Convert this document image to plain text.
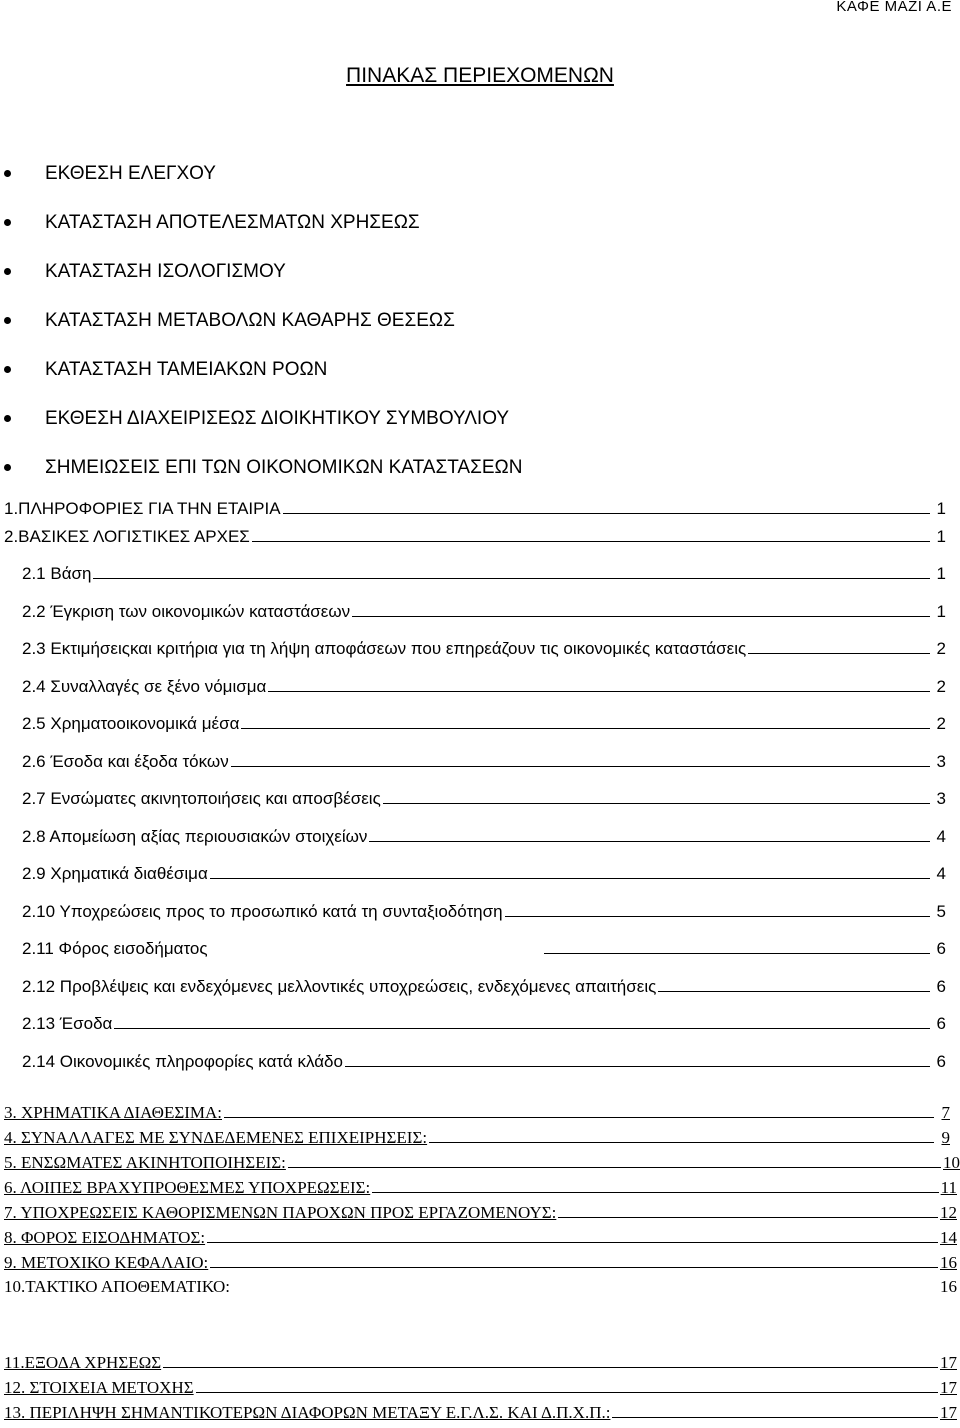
ΚΑΦΕ ΜΑΖΙ Α.Ε
ΠΙΝΑΚΑΣ ΠΕΡΙΕΧΟΜΕΝΩΝ
ΕΚΘΕΣΗ ΕΛΕΓΧΟΥ
ΚΑΤΑΣΤΑΣΗ ΑΠΟΤΕΛΕΣΜΑΤΩΝ ΧΡΗΣΕΩΣ
ΚΑΤΑΣΤΑΣΗ ΙΣΟΛΟΓΙΣΜΟΥ
ΚΑΤΑΣΤΑΣΗ ΜΕΤΑΒΟΛΩΝ ΚΑΘΑΡΗΣ ΘΕΣΕΩΣ
ΚΑΤΑΣΤΑΣΗ ΤΑΜΕΙΑΚΩΝ ΡΟΩΝ
ΕΚΘΕΣΗ ΔΙΑΧΕΙΡΙΣΕΩΣ ΔΙΟΙΚΗΤΙΚΟΥ ΣΥΜΒΟΥΛΙΟΥ
ΣΗΜΕΙΩΣΕΙΣ ΕΠΙ ΤΩΝ ΟΙΚΟΝΟΜΙΚΩΝ ΚΑΤΑΣΤΑΣΕΩΝ
1.ΠΛΗΡΟΦΟΡΙΕΣ ΓΙΑ ΤΗΝ ΕΤΑΙΡΙΑ	1
2.ΒΑΣΙΚΕΣ ΛΟΓΙΣΤΙΚΕΣ ΑΡΧΕΣ	1
2.1 Βάση	1
2.2 Έγκριση των οικονομικών καταστάσεων	1
2.3 Εκτιμήσειςκαι κριτήρια για τη λήψη αποφάσεων που επηρεάζουν τις οικονομικές καταστάσεις	2
2.4 Συναλλαγές σε ξένο νόμισμα	2
2.5 Χρηματοοικονομικά μέσα	2
2.6 Έσοδα και έξοδα τόκων	3
2.7 Ενσώματες ακινητοποιήσεις και αποσβέσεις	3
2.8 Απομείωση αξίας περιουσιακών στοιχείων	4
2.9 Χρηματικά διαθέσιμα	4
2.10 Υποχρεώσεις προς το προσωπικό κατά τη συνταξιοδότηση	5
2.11 Φόρος εισοδήματος	6
2.12 Προβλέψεις και ενδεχόμενες μελλοντικές υποχρεώσεις, ενδεχόμενες απαιτήσεις	6
2.13 Έσοδα	6
2.14 Οικονομικές πληροφορίες κατά κλάδο	6
3. ΧΡΗΜΑΤΙΚΑ ΔΙΑΘΕΣΙΜΑ:	7
4. ΣΥΝΑΛΛΑΓΕΣ ΜΕ ΣΥΝΔΕΔΕΜΕΝΕΣ ΕΠΙΧΕΙΡΗΣΕΙΣ:	9
5. ΕΝΣΩΜΑΤΕΣ ΑΚΙΝΗΤΟΠΟΙΗΣΕΙΣ:	10
6. ΛΟΙΠΕΣ ΒΡΑΧΥΠΡΟΘΕΣΜΕΣ ΥΠΟΧΡΕΩΣΕΙΣ:	11
7. ΥΠΟΧΡΕΩΣΕΙΣ ΚΑΘΟΡΙΣΜΕΝΩΝ ΠΑΡΟΧΩΝ ΠΡΟΣ ΕΡΓΑΖΟΜΕΝΟΥΣ:	12
8. ΦΟΡΟΣ ΕΙΣΟΔΗΜΑΤΟΣ:	14
9. ΜΕΤΟΧΙΚΟ ΚΕΦΑΛΑΙΟ:	16
10.ΤΑΚΤΙΚΟ ΑΠΟΘΕΜΑΤΙΚΟ:	16
11.ΕΞΟΔΑ ΧΡΗΣΕΩΣ	17
12. ΣΤΟΙΧΕΙΑ ΜΕΤΟΧΗΣ	17
13. ΠΕΡΙΛΗΨΗ ΣΗΜΑΝΤΙΚΟΤΕΡΩΝ ΔΙΑΦΟΡΩΝ ΜΕΤΑΞΥ Ε.Γ.Λ.Σ. ΚΑΙ Δ.Π.Χ.Π.:	17
